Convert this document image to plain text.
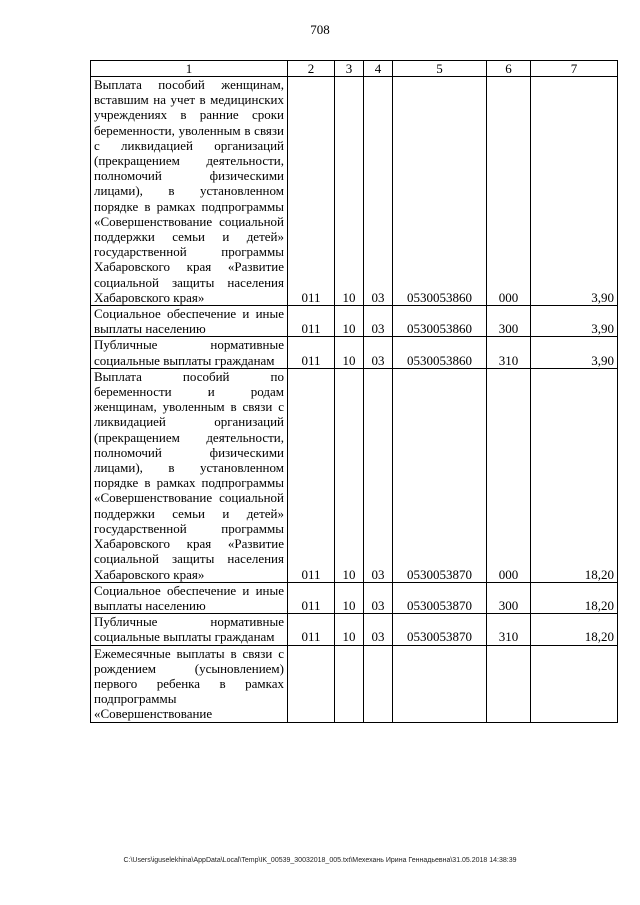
708
1	2	3	4	5	6	7
Выплата пособий женщинам, вставшим на учет в медицинских учреждениях в ранние сроки беременности, уволенным в связи с ликвидацией организаций (прекращением деятельности, полномочий физическими лицами), в установленном порядке в рамках подпрограммы «Совершенствование социальной поддержки семьи и детей» государственной программы Хабаровского края «Развитие социальной защиты населения Хабаровского края»	011	10	03	0530053860	000	3,90
Социальное обеспечение и иные выплаты населению	011	10	03	0530053860	300	3,90
Публичные нормативные социальные выплаты гражданам	011	10	03	0530053860	310	3,90
Выплата пособий по беременности и родам женщинам, уволенным в связи с ликвидацией организаций (прекращением деятельности, полномочий физическими лицами), в установленном порядке в рамках подпрограммы «Совершенствование социальной поддержки семьи и детей» государственной программы Хабаровского края «Развитие социальной защиты населения Хабаровского края»	011	10	03	0530053870	000	18,20
Социальное обеспечение и иные выплаты населению	011	10	03	0530053870	300	18,20
Публичные нормативные социальные выплаты гражданам	011	10	03	0530053870	310	18,20
Ежемесячные выплаты в связи с рождением (усыновлением) первого ребенка в рамках подпрограммы «Совершенствование						
C:\Users\iguselekhina\AppData\Local\Temp\IK_00539_30032018_005.txt\Мехехань Ирина Геннадьевна\31.05.2018 14:38:39
